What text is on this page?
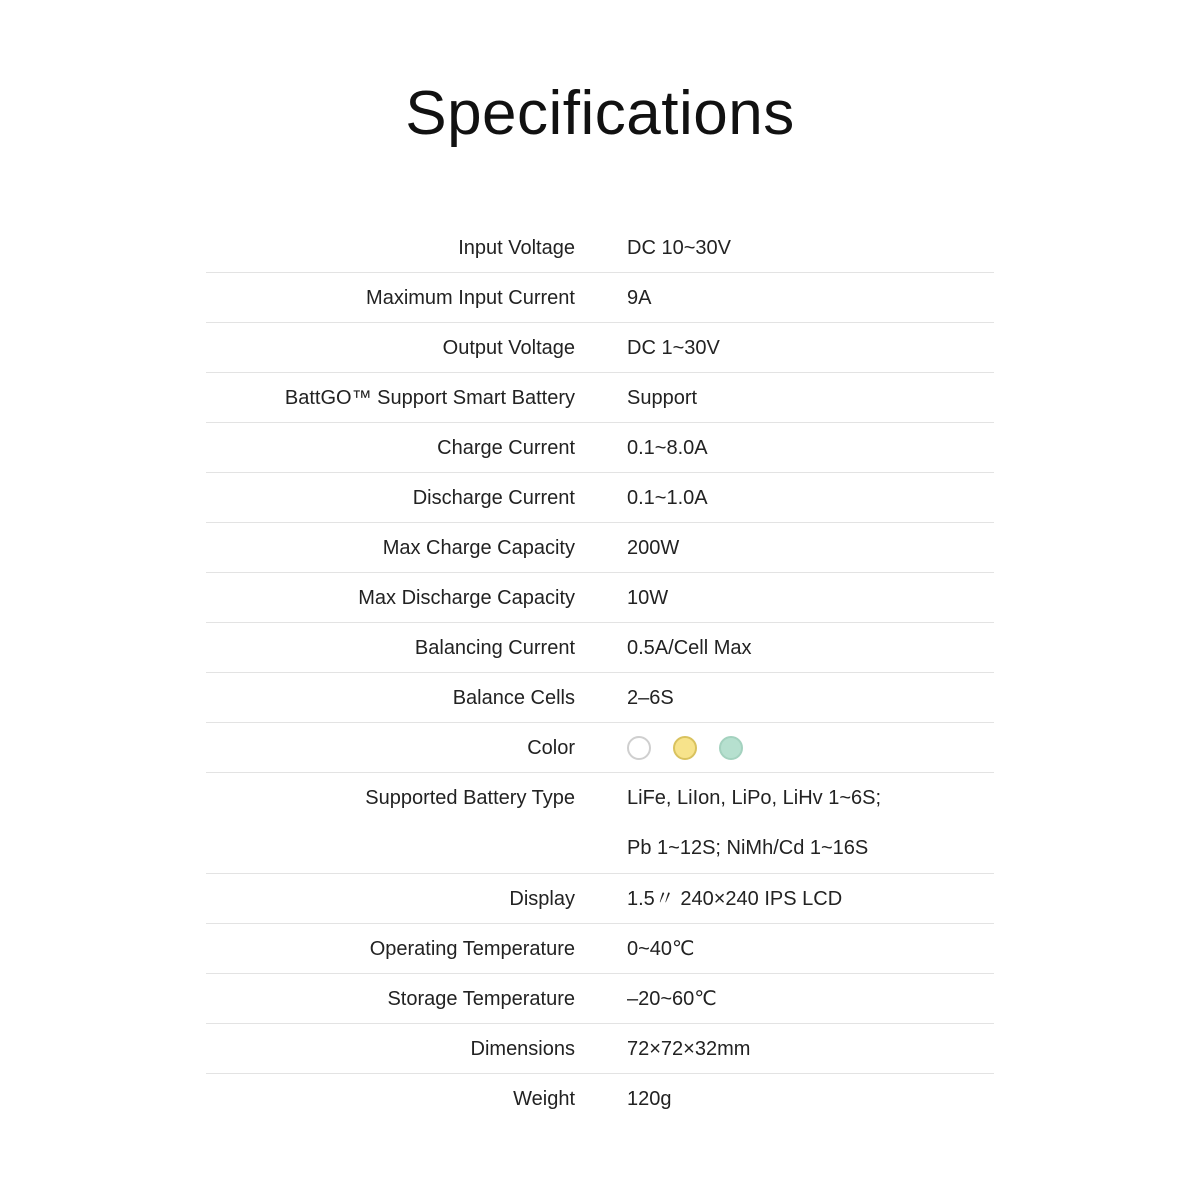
Specifications
Input Voltage	DC 10~30V
Maximum Input Current	9A
Output Voltage	DC 1~30V
BattGO™ Support Smart Battery	Support
Charge Current	0.1~8.0A
Discharge Current	0.1~1.0A
Max Charge Capacity	200W
Max Discharge Capacity	10W
Balancing Current	0.5A/Cell Max
Balance Cells	2–6S
Color
Supported Battery Type	LiFe, LiIon, LiPo, LiHv 1~6S;
Pb 1~12S; NiMh/Cd 1~16S
Display	1.5〃 240×240 IPS LCD
Operating Temperature	0~40℃
Storage Temperature	–20~60℃
Dimensions	72×72×32mm
Weight	120g
